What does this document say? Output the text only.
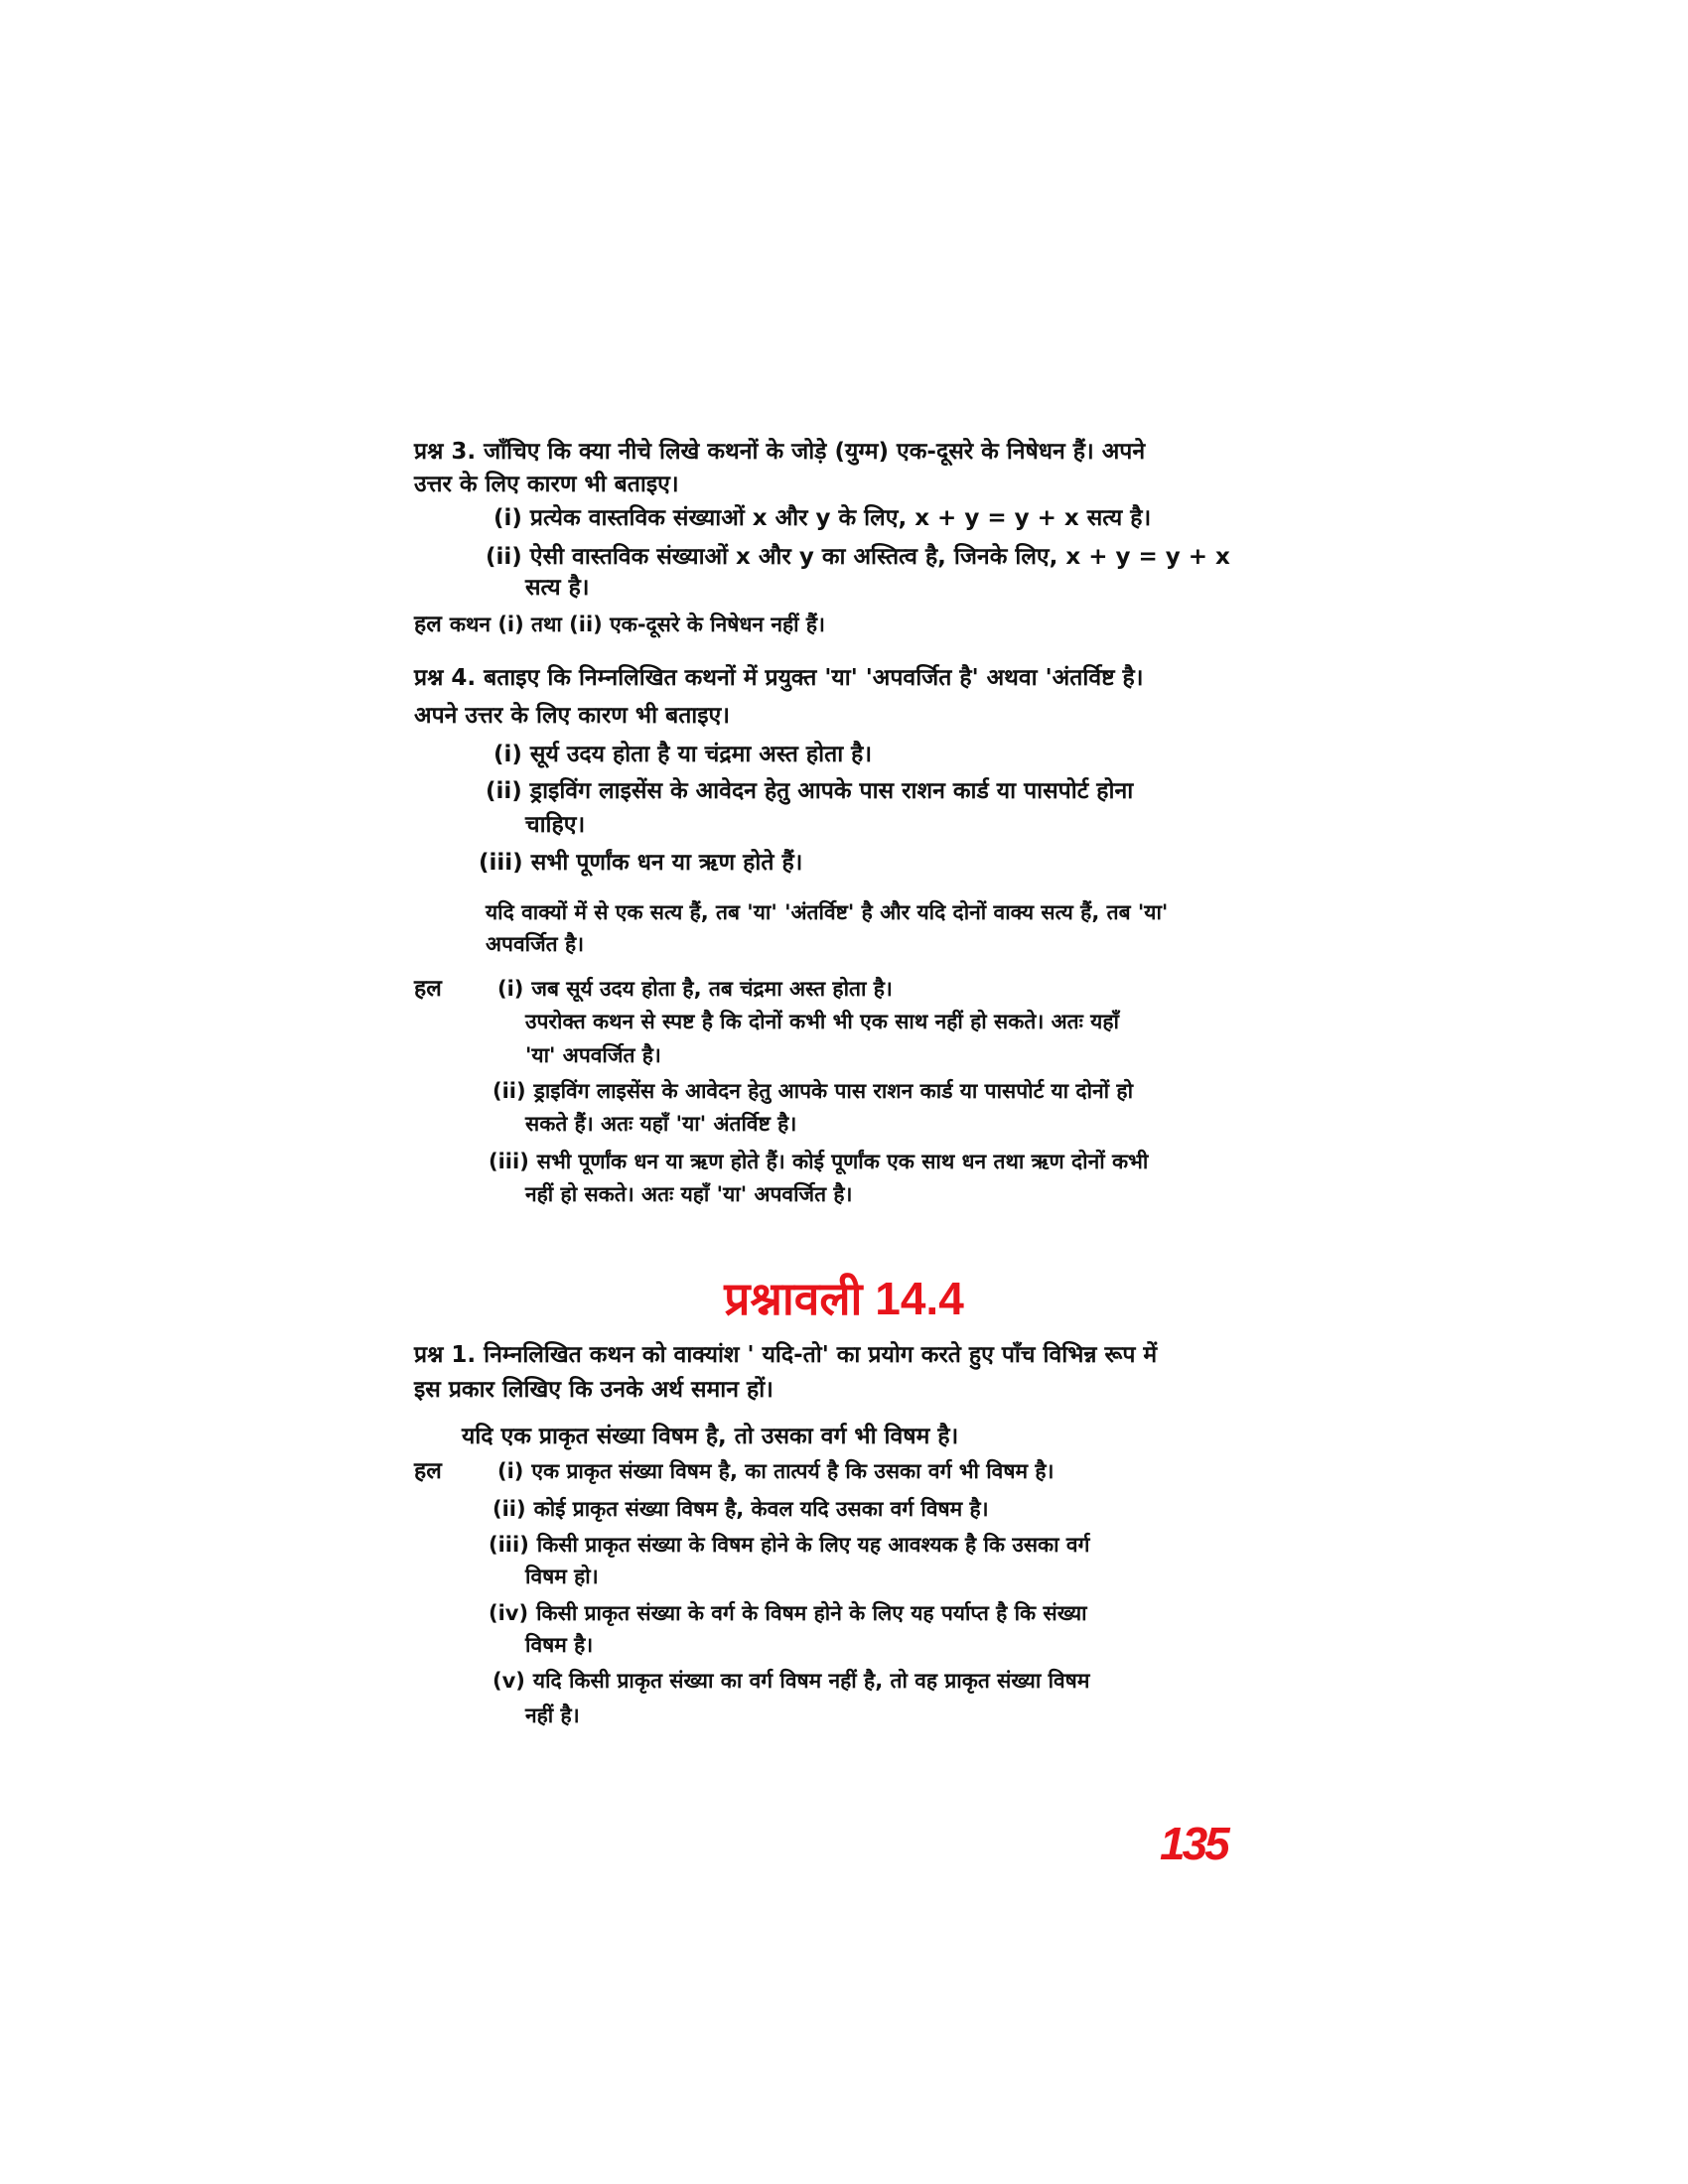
प्रश्न 3. जाँचिए कि क्या नीचे लिखे कथनों के जोड़े (युग्म) एक-दूसरे के निषेधन हैं। अपने
उत्तर के लिए कारण भी बताइए।
(i) प्रत्येक वास्तविक संख्याओं x और y के लिए, x + y = y + x सत्य है।
(ii) ऐसी वास्तविक संख्याओं x और y का अस्तित्व है, जिनके लिए, x + y = y + x
सत्य है।
हल कथन (i) तथा (ii) एक-दूसरे के निषेधन नहीं हैं।
प्रश्न 4. बताइए कि निम्नलिखित कथनों में प्रयुक्त 'या' 'अपवर्जित है' अथवा 'अंतर्विष्ट है।
अपने उत्तर के लिए कारण भी बताइए।
(i) सूर्य उदय होता है या चंद्रमा अस्त होता है।
(ii) ड्राइविंग लाइसेंस के आवेदन हेतु आपके पास राशन कार्ड या पासपोर्ट होना
चाहिए।
(iii) सभी पूर्णांक धन या ऋण होते हैं।
यदि वाक्यों में से एक सत्य हैं, तब 'या' 'अंतर्विष्ट' है और यदि दोनों वाक्य सत्य हैं, तब 'या'
अपवर्जित है।
हल	(i) जब सूर्य उदय होता है, तब चंद्रमा अस्त होता है।
उपरोक्त कथन से स्पष्ट है कि दोनों कभी भी एक साथ नहीं हो सकते। अतः यहाँ
'या' अपवर्जित है।
(ii) ड्राइविंग लाइसेंस के आवेदन हेतु आपके पास राशन कार्ड या पासपोर्ट या दोनों हो
सकते हैं। अतः यहाँ 'या' अंतर्विष्ट है।
(iii) सभी पूर्णांक धन या ऋण होते हैं। कोई पूर्णांक एक साथ धन तथा ऋण दोनों कभी
नहीं हो सकते। अतः यहाँ 'या' अपवर्जित है।
प्रश्नावली 14.4
प्रश्न 1. निम्नलिखित कथन को वाक्यांश ' यदि-तो' का प्रयोग करते हुए पाँच विभिन्न रूप में
इस प्रकार लिखिए कि उनके अर्थ समान हों।
यदि एक प्राकृत संख्या विषम है, तो उसका वर्ग भी विषम है।
हल	(i) एक प्राकृत संख्या विषम है, का तात्पर्य है कि उसका वर्ग भी विषम है।
(ii) कोई प्राकृत संख्या विषम है, केवल यदि उसका वर्ग विषम है।
(iii) किसी प्राकृत संख्या के विषम होने के लिए यह आवश्यक है कि उसका वर्ग
विषम हो।
(iv) किसी प्राकृत संख्या के वर्ग के विषम होने के लिए यह पर्याप्त है कि संख्या
विषम है।
(v) यदि किसी प्राकृत संख्या का वर्ग विषम नहीं है, तो वह प्राकृत संख्या विषम
नहीं है।
135
